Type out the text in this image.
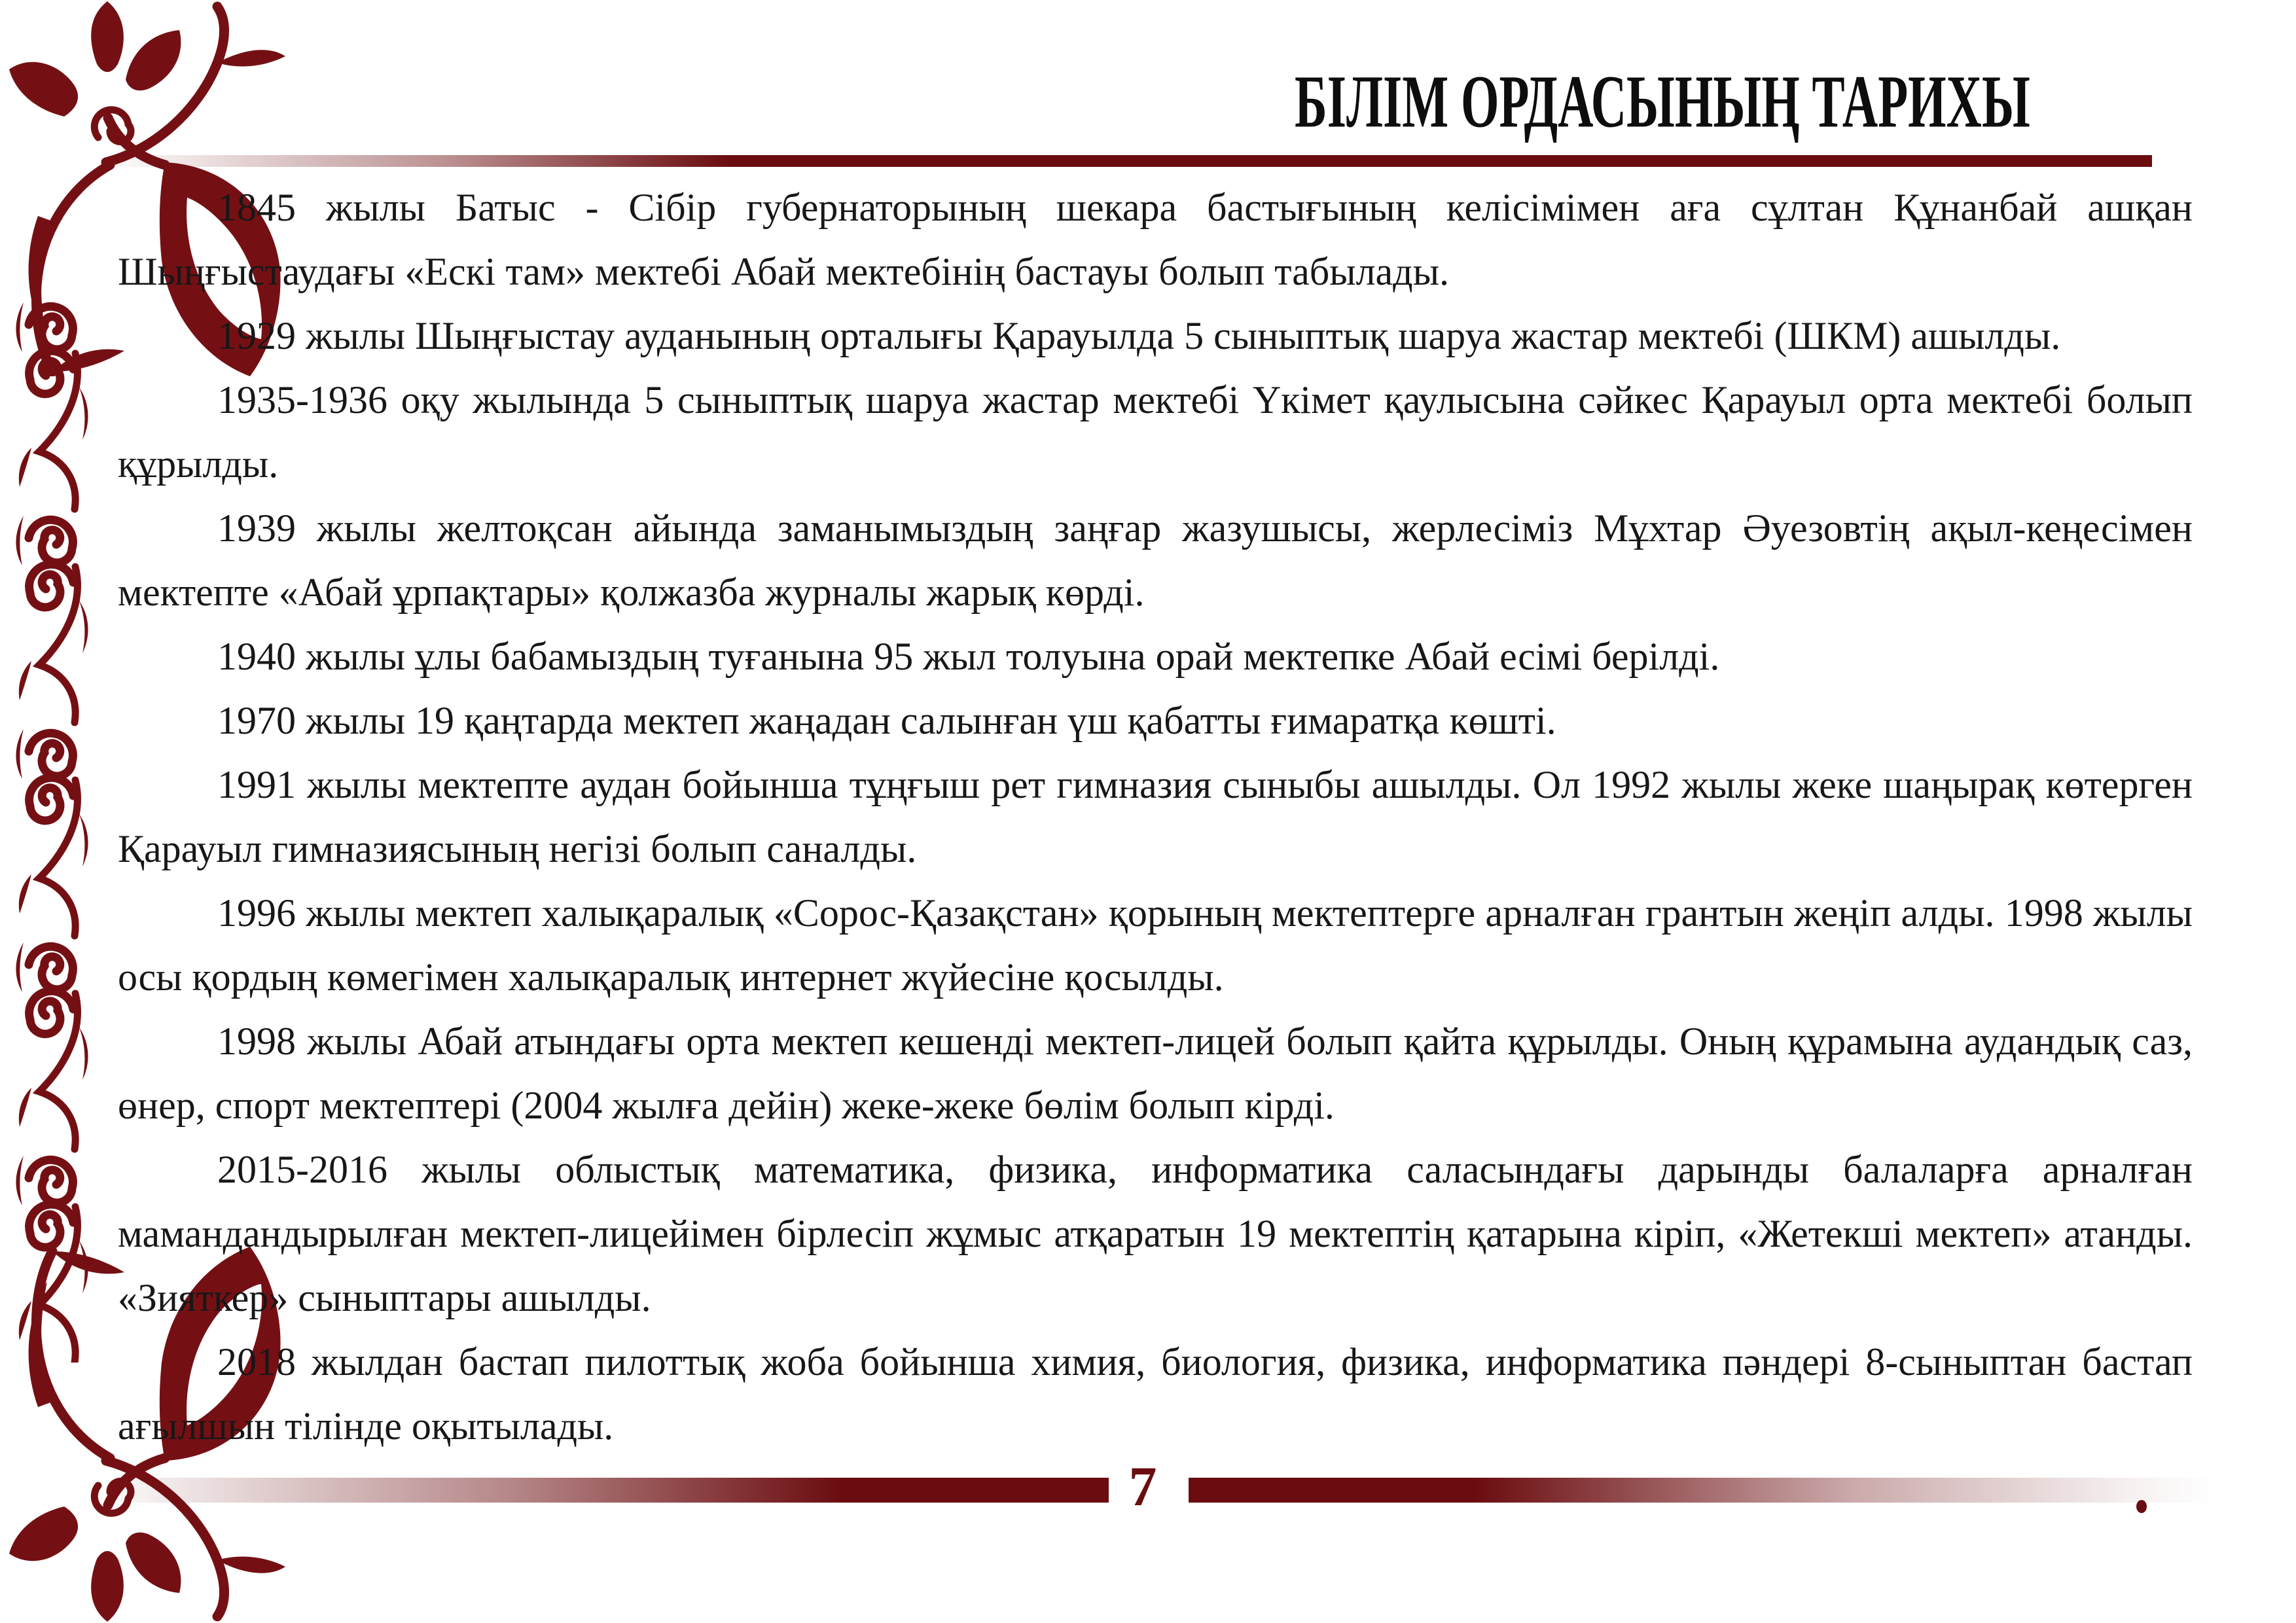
БІЛІМ ОРДАСЫНЫҢ ТАРИХЫ

1845 жылы Батыс - Сібір губернаторының шекара бастығының келісімімен аға сұлтан Құнанбай ашқан Шыңғыстаудағы «Ескі там» мектебі Абай мектебінің бастауы болып табылады.

1929 жылы Шыңғыстау ауданының орталығы Қарауылда 5 сыныптық шаруа жастар мектебі (ШКМ) ашылды.

1935-1936 оқу жылында 5 сыныптық шаруа жастар мектебі Үкімет қаулысына сәйкес Қарауыл орта мектебі болып құрылды.

1939 жылы желтоқсан айында заманымыздың заңғар жазушысы, жерлесіміз Мұхтар Әуезовтің ақыл-кеңесімен мектепте «Абай ұрпақтары» қолжазба журналы жарық көрді.

1940 жылы ұлы бабамыздың туғанына 95 жыл толуына орай мектепке Абай есімі берілді.

1970 жылы 19 қаңтарда мектеп жаңадан салынған үш қабатты ғимаратқа көшті.

1991 жылы мектепте аудан бойынша тұңғыш рет гимназия сыныбы ашылды. Ол 1992 жылы жеке шаңырақ көтерген Қарауыл гимназиясының негізі болып саналды.

1996 жылы мектеп халықаралық «Сорос-Қазақстан» қорының мектептерге арналған грантын жеңіп алды. 1998 жылы осы қордың көмегімен халықаралық интернет жүйесіне қосылды.

1998 жылы Абай атындағы орта мектеп кешенді мектеп-лицей болып қайта құрылды. Оның құрамына аудандық саз, өнер, спорт мектептері (2004 жылға дейін) жеке-жеке бөлім болып кірді.

2015-2016 жылы облыстық математика, физика, информатика саласындағы дарынды балаларға арналған мамандандырылған мектеп-лицейімен бірлесіп жұмыс атқаратын 19 мектептің қатарына кіріп, «Жетекші мектеп» атанды. «Зияткер» сыныптары ашылды.

2018 жылдан бастап пилоттық жоба бойынша химия, биология, физика, информатика пәндері 8-сыныптан бастап ағылшын тілінде оқытылады.

7
